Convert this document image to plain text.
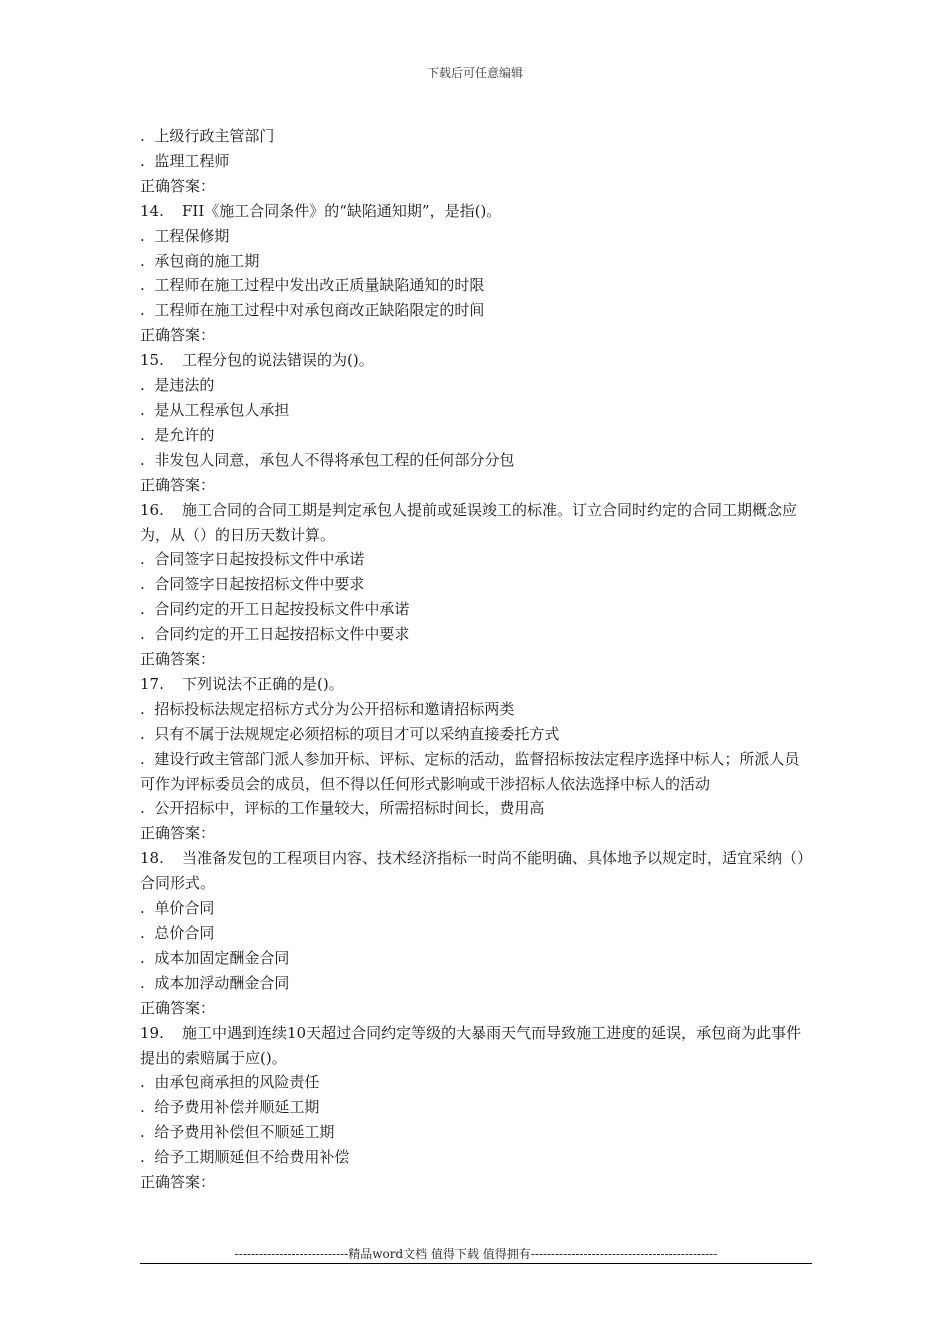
下载后可任意编辑
.  上级行政主管部门
.  监理工程师
正确答案：
14. FII《施工合同条件》的“缺陷通知期”，是指()。
.  工程保修期
.  承包商的施工期
.  工程师在施工过程中发出改正质量缺陷通知的时限
.  工程师在施工过程中对承包商改正缺陷限定的时间
正确答案：
15. 工程分包的说法错误的为()。
.  是违法的
.  是从工程承包人承担
.  是允许的
.  非发包人同意，承包人不得将承包工程的任何部分分包
正确答案：
16. 施工合同的合同工期是判定承包人提前或延误竣工的标准。订立合同时约定的合同工期概念应为，从（）的日历天数计算。
.  合同签字日起按投标文件中承诺
.  合同签字日起按招标文件中要求
.  合同约定的开工日起按投标文件中承诺
.  合同约定的开工日起按招标文件中要求
正确答案：
17. 下列说法不正确的是()。
.  招标投标法规定招标方式分为公开招标和邀请招标两类
.  只有不属于法规规定必须招标的项目才可以采纳直接委托方式
.  建设行政主管部门派人参加开标、评标、定标的活动，监督招标按法定程序选择中标人；所派人员可作为评标委员会的成员，但不得以任何形式影响或干涉招标人依法选择中标人的活动
.  公开招标中，评标的工作量较大，所需招标时间长，费用高
正确答案：
18. 当准备发包的工程项目内容、技术经济指标一时尚不能明确、具体地予以规定时，适宜采纳（）合同形式。
.  单价合同
.  总价合同
.  成本加固定酬金合同
.  成本加浮动酬金合同
正确答案：
19. 施工中遇到连续10天超过合同约定等级的大暴雨天气而导致施工进度的延误，承包商为此事件提出的索赔属于应()。
.  由承包商承担的风险责任
.  给予费用补偿并顺延工期
.  给予费用补偿但不顺延工期
.  给予工期顺延但不给费用补偿
正确答案：
----------------------------精品word文档 值得下载 值得拥有----------------------------------------------
